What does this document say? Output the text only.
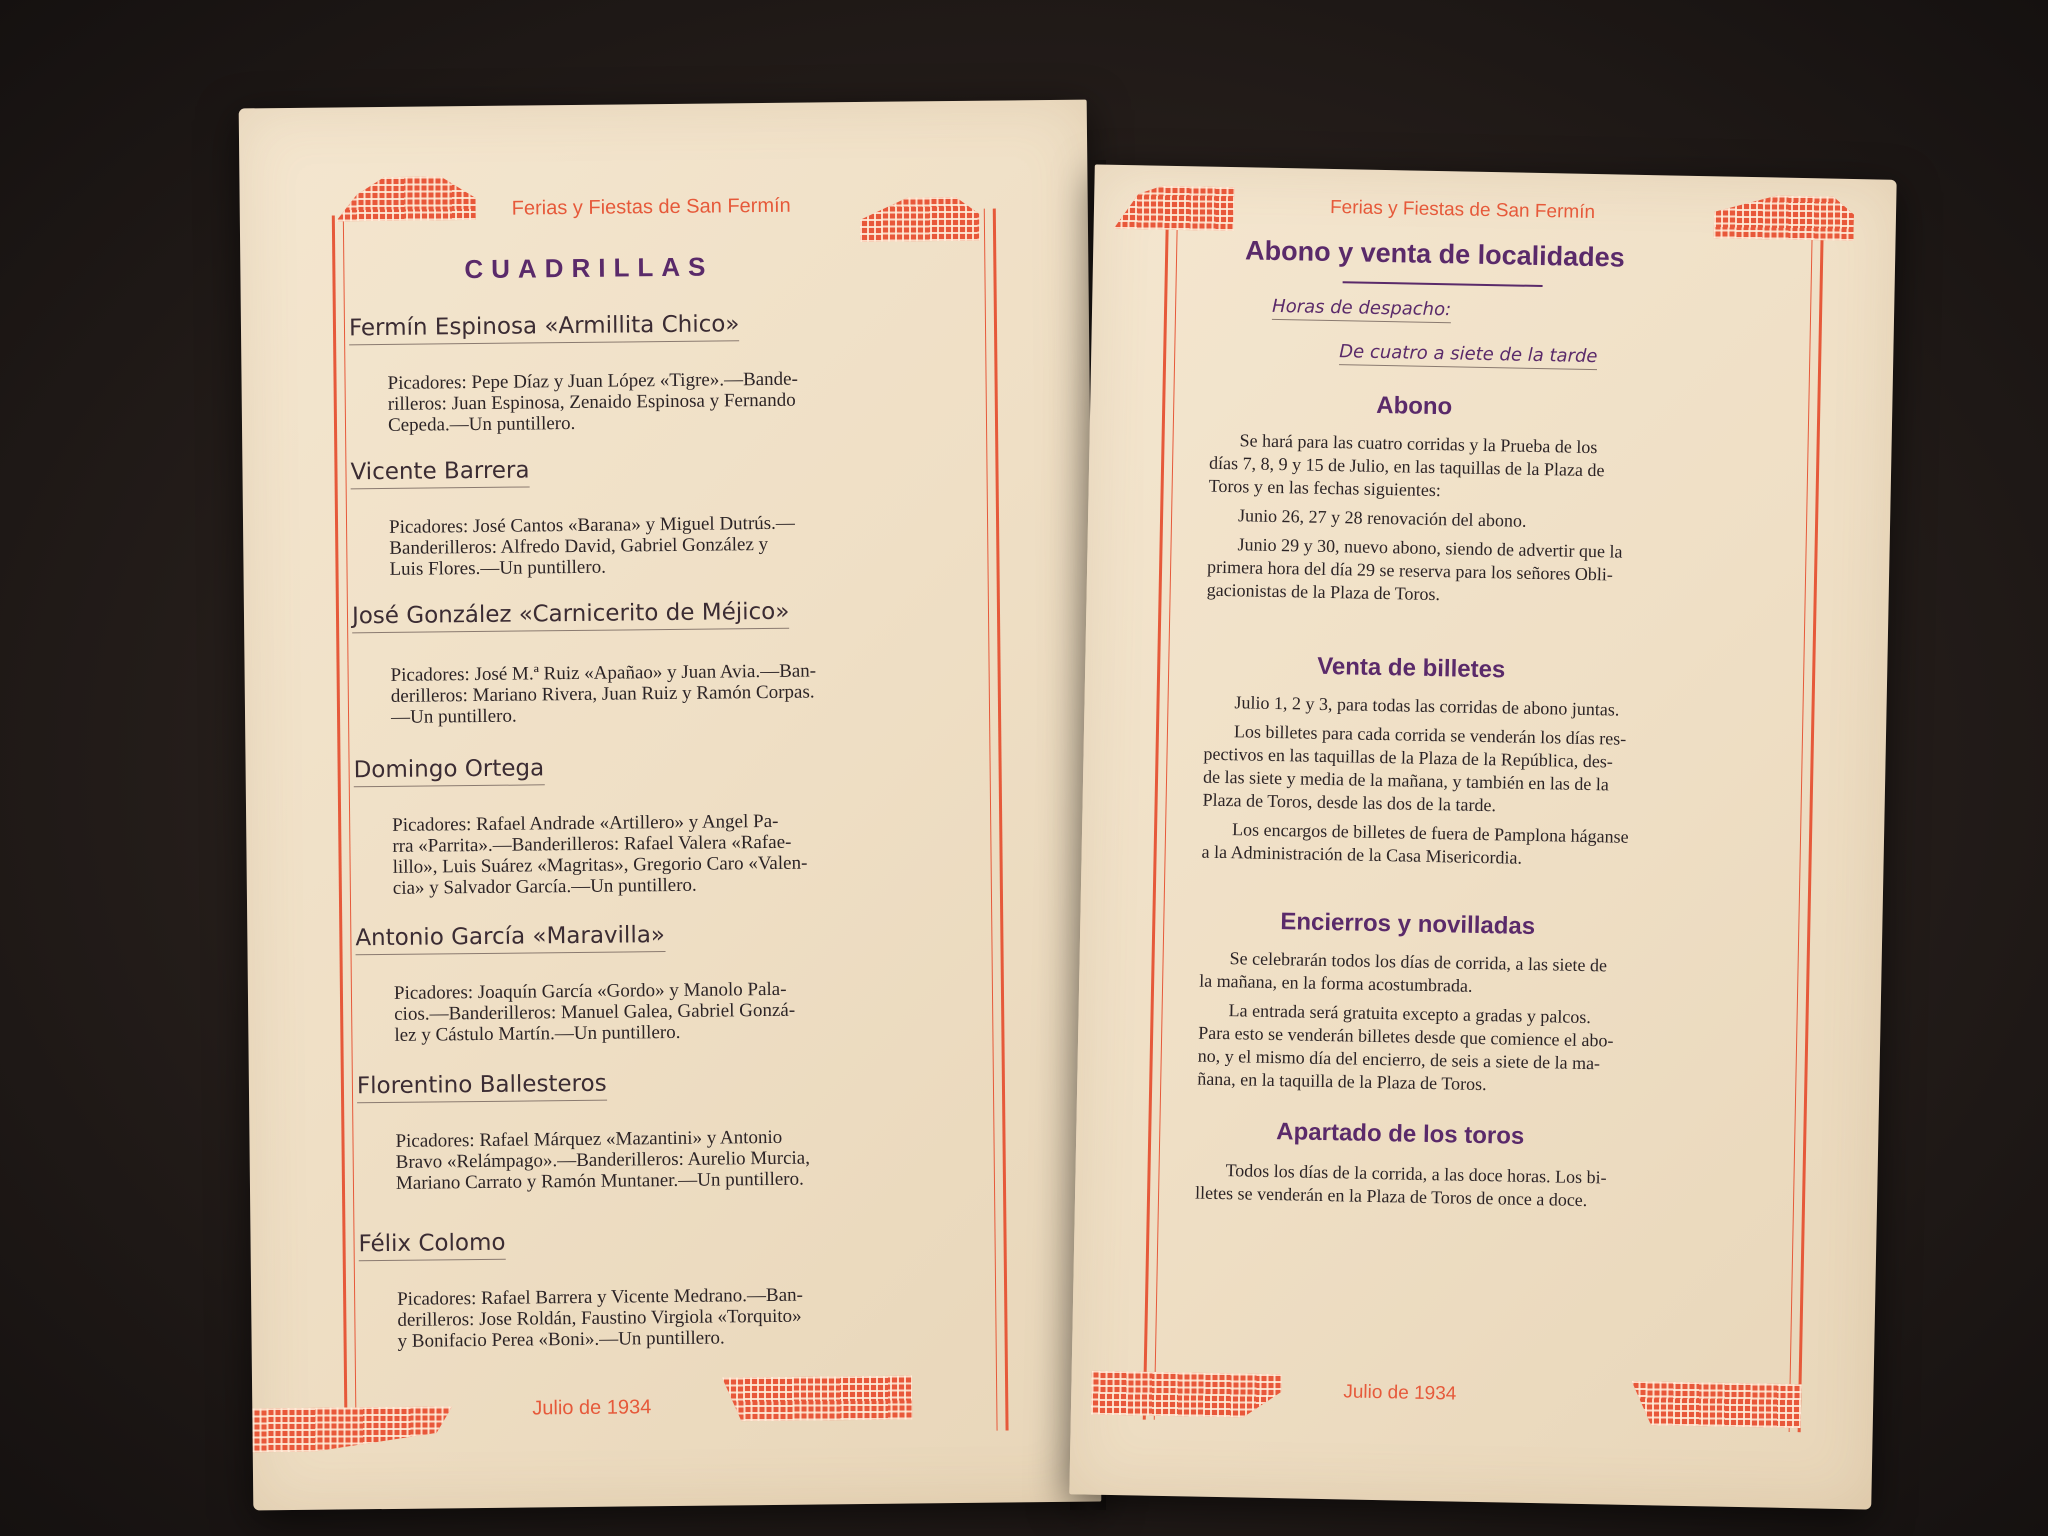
Ferias y Fiestas de San Fermín
CUADRILLAS
Fermín Espinosa «Armillita Chico»
Picadores: Pepe Díaz y Juan López «Tigre».—Bande-
rilleros: Juan Espinosa, Zenaido Espinosa y Fernando
Cepeda.—Un puntillero.
Vicente Barrera
Picadores: José Cantos «Barana» y Miguel Dutrús.—
Banderilleros: Alfredo David, Gabriel González y
Luis Flores.—Un puntillero.
José González «Carnicerito de Méjico»
Picadores: José M.ª Ruiz «Apañao» y Juan Avia.—Ban-
derilleros: Mariano Rivera, Juan Ruiz y Ramón Corpas.
—Un puntillero.
Domingo Ortega
Picadores: Rafael Andrade «Artillero» y Angel Pa-
rra «Parrita».—Banderilleros: Rafael Valera «Rafae-
lillo», Luis Suárez «Magritas», Gregorio Caro «Valen-
cia» y Salvador García.—Un puntillero.
Antonio García «Maravilla»
Picadores: Joaquín García «Gordo» y Manolo Pala-
cios.—Banderilleros: Manuel Galea, Gabriel Gonzá-
lez y Cástulo Martín.—Un puntillero.
Florentino Ballesteros
Picadores: Rafael Márquez «Mazantini» y Antonio
Bravo «Relámpago».—Banderilleros: Aurelio Murcia,
Mariano Carrato y Ramón Muntaner.—Un puntillero.
Félix Colomo
Picadores: Rafael Barrera y Vicente Medrano.—Ban-
derilleros: Jose Roldán, Faustino Virgiola «Torquito»
y Bonifacio Perea «Boni».—Un puntillero.
Julio de 1934
Ferias y Fiestas de San Fermín
Abono y venta de localidades
Horas de despacho:
De cuatro a siete de la tarde
Abono
Se hará para las cuatro corridas y la Prueba de los
días 7, 8, 9 y 15 de Julio, en las taquillas de la Plaza de
Toros y en las fechas siguientes:
Junio 26, 27 y 28 renovación del abono.
Junio 29 y 30, nuevo abono, siendo de advertir que la
primera hora del día 29 se reserva para los señores Obli-
gacionistas de la Plaza de Toros.
Venta de billetes
Julio 1, 2 y 3, para todas las corridas de abono juntas.
Los billetes para cada corrida se venderán los días res-
pectivos en las taquillas de la Plaza de la República, des-
de las siete y media de la mañana, y también en las de la
Plaza de Toros, desde las dos de la tarde.
Los encargos de billetes de fuera de Pamplona háganse
a la Administración de la Casa Misericordia.
Encierros y novilladas
Se celebrarán todos los días de corrida, a las siete de
la mañana, en la forma acostumbrada.
La entrada será gratuita excepto a gradas y palcos.
Para esto se venderán billetes desde que comience el abo-
no, y el mismo día del encierro, de seis a siete de la ma-
ñana, en la taquilla de la Plaza de Toros.
Apartado de los toros
Todos los días de la corrida, a las doce horas. Los bi-
lletes se venderán en la Plaza de Toros de once a doce.
Julio de 1934
